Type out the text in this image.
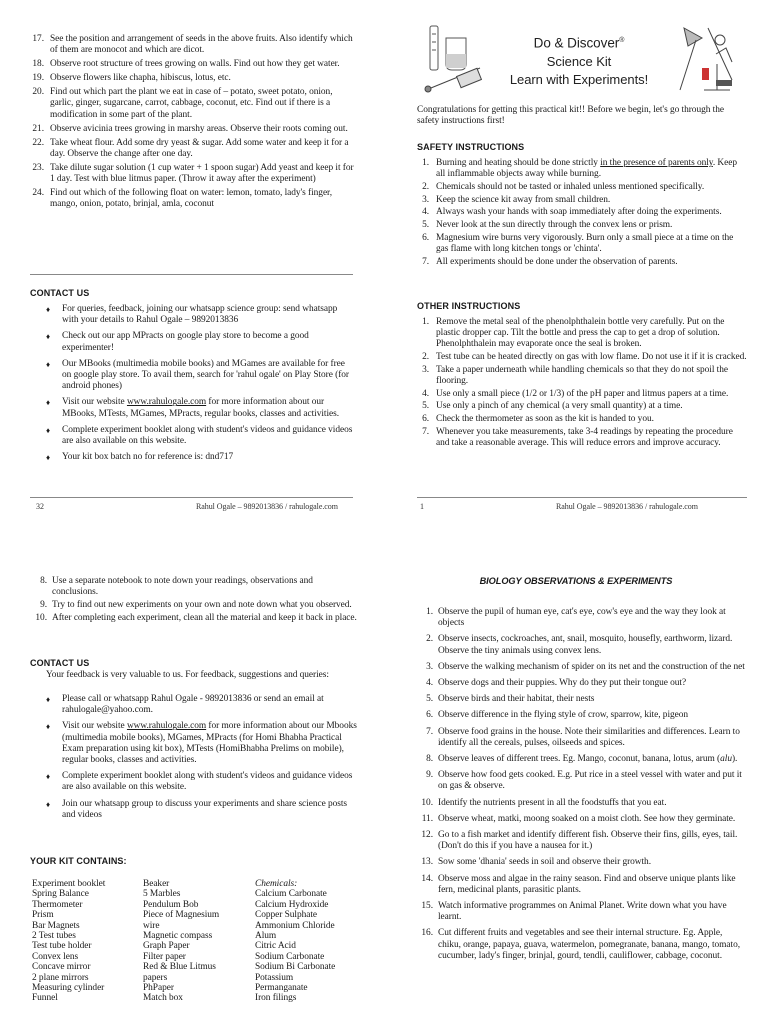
17. See the position and arrangement of seeds in the above fruits. Also identify which of them are monocot and which are dicot.
18. Observe root structure of trees growing on walls. Find out how they get water.
19. Observe flowers like chapha, hibiscus, lotus, etc.
20. Find out which part the plant we eat in case of – potato, sweet potato, onion, garlic, ginger, sugarcane, carrot, cabbage, coconut, etc. Find out if there is a modification in some part of the plant.
21. Observe avicinia trees growing in marshy areas. Observe their roots coming out.
22. Take wheat flour. Add some dry yeast & sugar. Add some water and keep it for a day. Observe the change after one day.
23. Take dilute sugar solution (1 cup water + 1 spoon sugar) Add yeast and keep it for 1 day. Test with blue litmus paper. (Throw it away after the experiment)
24. Find out which of the following float on water: lemon, tomato, lady's finger, mango, onion, potato, brinjal, amla, coconut
CONTACT US
♦ For queries, feedback, joining our whatsapp science group: send whatsapp with your details to Rahul Ogale – 9892013836
♦ Check out our app MPracts on google play store to become a good experimenter!
♦ Our MBooks (multimedia mobile books) and MGames are available for free on google play store. To avail them, search for 'rahul ogale' on Play Store (for android phones)
♦ Visit our website www.rahulogale.com for more information about our MBooks, MTests, MGames, MPracts, regular books, classes and activities.
♦ Complete experiment booklet along with student's videos and guidance videos are also available on this website.
♦ Your kit box batch no for reference is: dnd717
32	Rahul Ogale – 9892013836 / rahulogale.com
Do & Discover®
Science Kit
Learn with Experiments!
Congratulations for getting this practical kit!! Before we begin, let's go through the safety instructions first!
SAFETY INSTRUCTIONS
1. Burning and heating should be done strictly in the presence of parents only. Keep all inflammable objects away while burning.
2. Chemicals should not be tasted or inhaled unless mentioned specifically.
3. Keep the science kit away from small children.
4. Always wash your hands with soap immediately after doing the experiments.
5. Never look at the sun directly through the convex lens or prism.
6. Magnesium wire burns very vigorously. Burn only a small piece at a time on the gas flame with long kitchen tongs or 'chinta'.
7. All experiments should be done under the observation of parents.
OTHER INSTRUCTIONS
1. Remove the metal seal of the phenolphthalein bottle very carefully. Put on the plastic dropper cap. Tilt the bottle and press the cap to get a drop of solution. Phenolphthalein may evaporate once the seal is broken.
2. Test tube can be heated directly on gas with low flame. Do not use it if it is cracked.
3. Take a paper underneath while handling chemicals so that they do not spoil the flooring.
4. Use only a small piece (1/2 or 1/3) of the pH paper and litmus papers at a time.
5. Use only a pinch of any chemical (a very small quantity) at a time.
6. Check the thermometer as soon as the kit is handed to you.
7. Whenever you take measurements, take 3-4 readings by repeating the procedure and take a reasonable average. This will reduce errors and improve accuracy.
1	Rahul Ogale – 9892013836 / rahulogale.com
8. Use a separate notebook to note down your readings, observations and conclusions.
9. Try to find out new experiments on your own and note down what you observed.
10. After completing each experiment, clean all the material and keep it back in place.
CONTACT US
Your feedback is very valuable to us. For feedback, suggestions and queries:
♦ Please call or whatsapp Rahul Ogale - 9892013836 or send an email at rahulogale@yahoo.com.
♦ Visit our website www.rahulogale.com for more information about our Mbooks (multimedia mobile books), MGames, MPracts (for Homi Bhabha Practical Exam preparation using kit box), MTests (HomiBhabha Prelims on mobile), regular books, classes and activities.
♦ Complete experiment booklet along with student's videos and guidance videos are also available on this website.
♦ Join our whatsapp group to discuss your experiments and share science posts and videos
YOUR KIT CONTAINS:
Experiment booklet
Spring Balance
Thermometer
Prism
Bar Magnets
2 Test tubes
Test tube holder
Convex lens
Concave mirror
2 plane mirrors
Measuring cylinder
Funnel
Beaker
5 Marbles
Pendulum Bob
Piece of Magnesium
wire
Magnetic compass
Graph Paper
Filter paper
Red & Blue Litmus
papers
PhPaper
Match box
Chemicals:
Calcium Carbonate
Calcium Hydroxide
Copper Sulphate
Ammonium Chloride
Alum
Citric Acid
Sodium Carbonate
Sodium Bi Carbonate
Potassium
Permanganate
Iron filings
BIOLOGY OBSERVATIONS & EXPERIMENTS
1. Observe the pupil of human eye, cat's eye, cow's eye and the way they look at objects
2. Observe insects, cockroaches, ant, snail, mosquito, housefly, earthworm, lizard. Observe the tiny animals using convex lens.
3. Observe the walking mechanism of spider on its net and the construction of the net
4. Observe dogs and their puppies. Why do they put their tongue out?
5. Observe birds and their habitat, their nests
6. Observe difference in the flying style of crow, sparrow, kite, pigeon
7. Observe food grains in the house. Note their similarities and differences. Learn to identify all the cereals, pulses, oilseeds and spices.
8. Observe leaves of different trees. Eg. Mango, coconut, banana, lotus, arum (alu).
9. Observe how food gets cooked. E.g. Put rice in a steel vessel with water and put it on gas & observe.
10. Identify the nutrients present in all the foodstuffs that you eat.
11. Observe wheat, matki, moong soaked on a moist cloth. See how they germinate.
12. Go to a fish market and identify different fish. Observe their fins, gills, eyes, tail. (Don't do this if you have a nausea for it.)
13. Sow some 'dhania' seeds in soil and observe their growth.
14. Observe moss and algae in the rainy season. Find and observe unique plants like fern, medicinal plants, parasitic plants.
15. Watch informative programmes on Animal Planet. Write down what you have learnt.
16. Cut different fruits and vegetables and see their internal structure. Eg. Apple, chiku, orange, papaya, guava, watermelon, pomegranate, banana, mango, tomato, cucumber, lady's finger, brinjal, gourd, tendli, cauliflower, cabbage, coconut.
